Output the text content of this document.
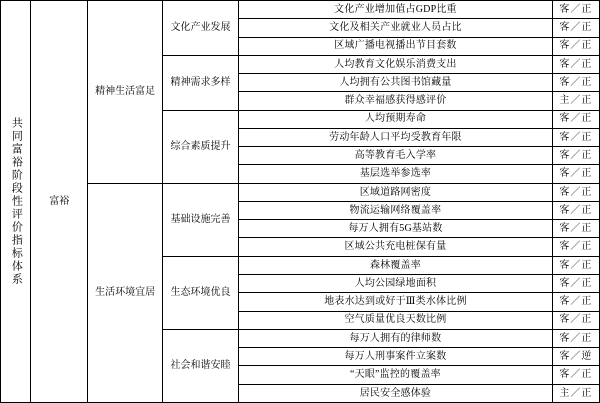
共同富裕阶段性评价指标体系	富裕	精神生活富足	文化产业发展	文化产业增加值占GDP比重	客／正
				文化及相关产业就业人员占比	客／正
				区域广播电视播出节目套数	客／正
			精神需求多样	人均教育文化娱乐消费支出	客／正
				人均拥有公共图书馆藏量	客／正
				群众幸福感获得感评价	主／正
			综合素质提升	人均预期寿命	客／正
				劳动年龄人口平均受教育年限	客／正
				高等教育毛入学率	客／正
				基层选举参选率	客／正
		生活环境宜居	基础设施完善	区域道路网密度	客／正
				物流运输网络覆盖率	客／正
				每万人拥有5G基站数	客／正
				区域公共充电桩保有量	客／正
			生态环境优良	森林覆盖率	客／正
				人均公园绿地面积	客／正
				地表水达到或好于Ⅲ类水体比例	客／正
				空气质量优良天数比例	客／正
			社会和谐安睦	每万人拥有的律师数	客／正
				每万人刑事案件立案数	客／逆
				“天眼”监控的覆盖率	客／正
				居民安全感体验	主／正
